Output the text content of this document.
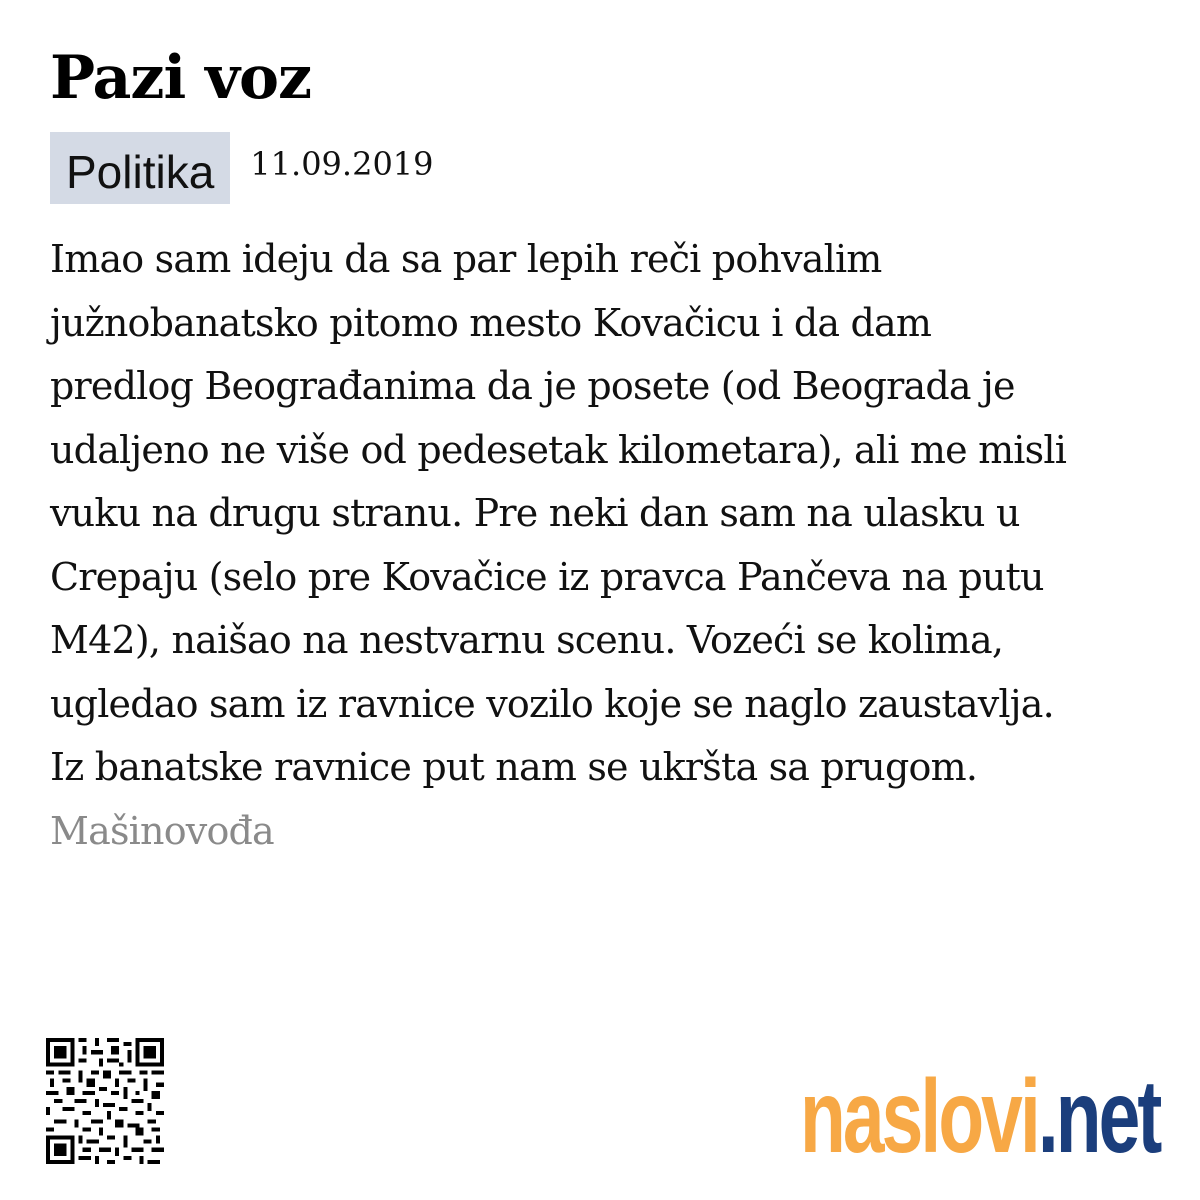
Pazi voz
Politika	11.09.2019

Imao sam ideju da sa par lepih reči pohvalim
južnobanatsko pitomo mesto Kovačicu i da dam
predlog Beograđanima da je posete (od Beograda je
udaljeno ne više od pedesetak kilometara), ali me misli
vuku na drugu stranu. Pre neki dan sam na ulasku u
Crepaju (selo pre Kovačice iz pravca Pančeva na putu
M42), naišao na nestvarnu scenu. Vozeći se kolima,
ugledao sam iz ravnice vozilo koje se naglo zaustavlja.
Iz banatske ravnice put nam se ukršta sa prugom.
Mašinovođa

naslovi.net
